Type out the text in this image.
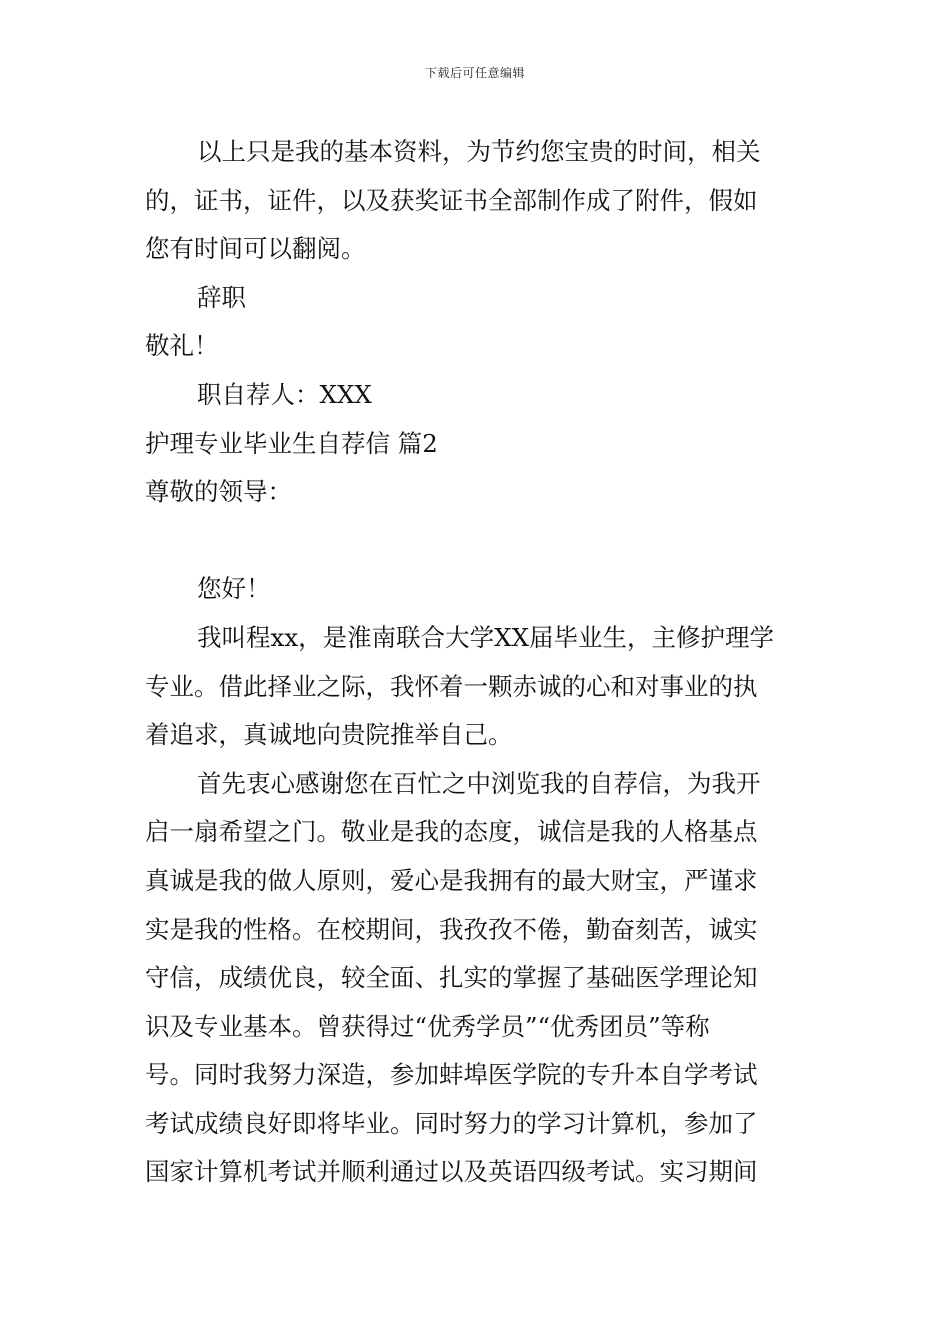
下载后可任意编辑
以上只是我的基本资料，为节约您宝贵的时间，相关
的，证书，证件，以及获奖证书全部制作成了附件，假如
您有时间可以翻阅。
辞职
敬礼！
职自荐人：XXX
护理专业毕业生自荐信 篇2
尊敬的领导：
您好！
我叫程xx，是淮南联合大学XX届毕业生，主修护理学
专业。借此择业之际，我怀着一颗赤诚的心和对事业的执
着追求，真诚地向贵院推举自己。
首先衷心感谢您在百忙之中浏览我的自荐信，为我开
启一扇希望之门。敬业是我的态度，诚信是我的人格基点
真诚是我的做人原则，爱心是我拥有的最大财宝，严谨求
实是我的性格。在校期间，我孜孜不倦，勤奋刻苦，诚实
守信，成绩优良，较全面、扎实的掌握了基础医学理论知
识及专业基本。曾获得过“优秀学员”“优秀团员”等称
号。同时我努力深造，参加蚌埠医学院的专升本自学考试
考试成绩良好即将毕业。同时努力的学习计算机，参加了
国家计算机考试并顺利通过以及英语四级考试。实习期间
